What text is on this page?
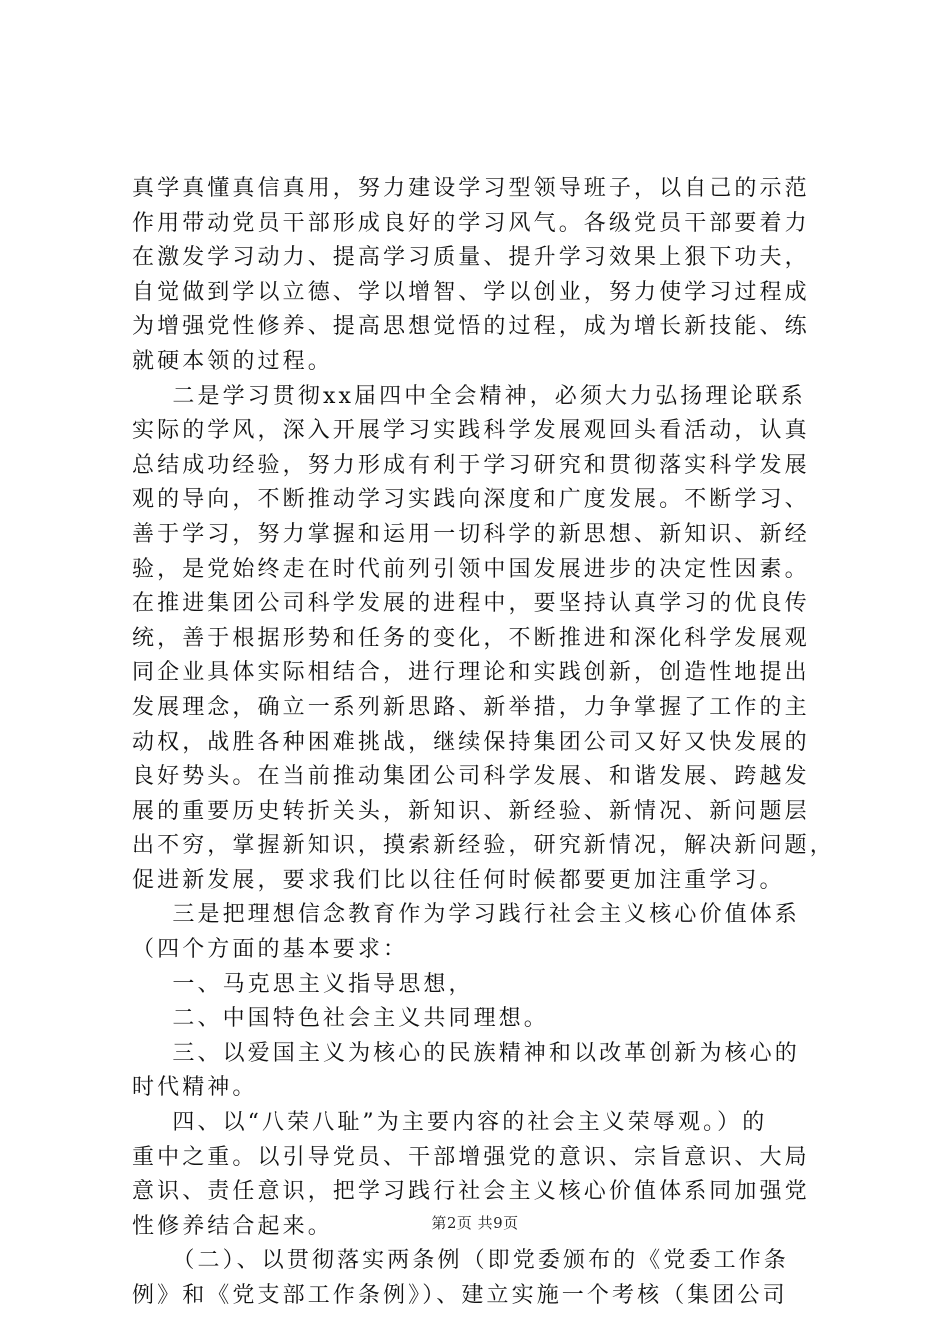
真学真懂真信真用，努力建设学习型领导班子，以自己的示范
作用带动党员干部形成良好的学习风气。各级党员干部要着力
在激发学习动力、提高学习质量、提升学习效果上狠下功夫，
自觉做到学以立德、学以增智、学以创业，努力使学习过程成
为增强党性修养、提高思想觉悟的过程，成为增长新技能、练
就硬本领的过程。
二是学习贯彻xx届四中全会精神，必须大力弘扬理论联系
实际的学风，深入开展学习实践科学发展观回头看活动，认真
总结成功经验，努力形成有利于学习研究和贯彻落实科学发展
观的导向，不断推动学习实践向深度和广度发展。不断学习、
善于学习，努力掌握和运用一切科学的新思想、新知识、新经
验，是党始终走在时代前列引领中国发展进步的决定性因素。
在推进集团公司科学发展的进程中，要坚持认真学习的优良传
统，善于根据形势和任务的变化，不断推进和深化科学发展观
同企业具体实际相结合，进行理论和实践创新，创造性地提出
发展理念，确立一系列新思路、新举措，力争掌握了工作的主
动权，战胜各种困难挑战，继续保持集团公司又好又快发展的
良好势头。在当前推动集团公司科学发展、和谐发展、跨越发
展的重要历史转折关头，新知识、新经验、新情况、新问题层
出不穷，掌握新知识，摸索新经验，研究新情况，解决新问题，
促进新发展，要求我们比以往任何时候都要更加注重学习。
三是把理想信念教育作为学习践行社会主义核心价值体系
（四个方面的基本要求：
一、马克思主义指导思想，
二、中国特色社会主义共同理想。
三、以爱国主义为核心的民族精神和以改革创新为核心的
时代精神。
四、以“八荣八耻”为主要内容的社会主义荣辱观。）的
重中之重。以引导党员、干部增强党的意识、宗旨意识、大局
意识、责任意识，把学习践行社会主义核心价值体系同加强党
性修养结合起来。
（二）、以贯彻落实两条例（即党委颁布的《党委工作条
例》和《党支部工作条例》）、建立实施一个考核（集团公司
第2页 共9页
